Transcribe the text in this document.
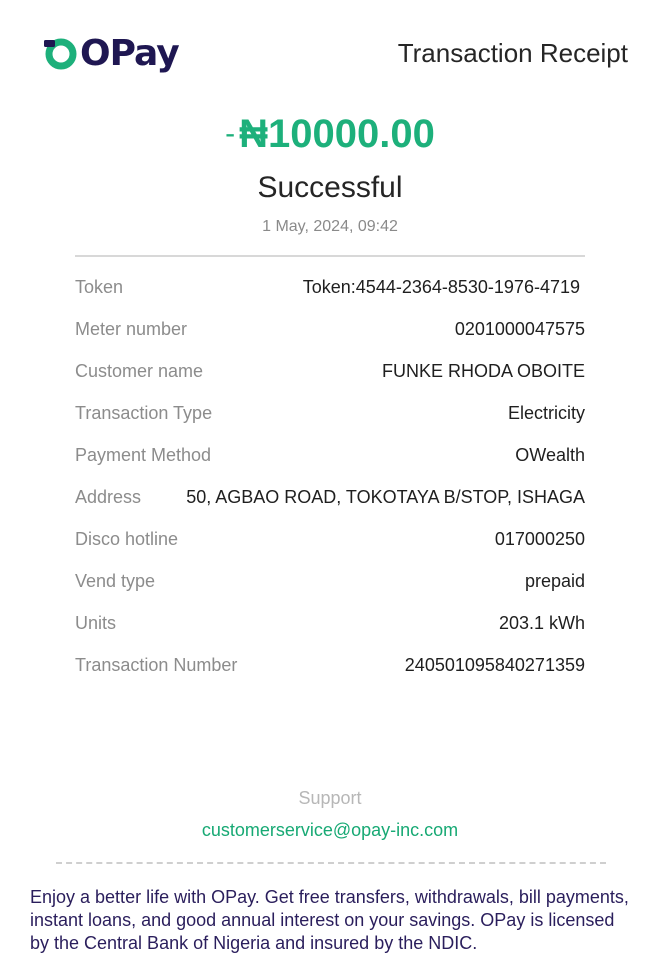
OPay	Transaction Receipt
- ₦10000.00
Successful
1 May, 2024, 09:42
Token	Token:4544-2364-8530-1976-4719
Meter number	0201000047575
Customer name	FUNKE RHODA OBOITE
Transaction Type	Electricity
Payment Method	OWealth
Address	50, AGBAO ROAD, TOKOTAYA B/STOP, ISHAGA
Disco hotline	017000250
Vend type	prepaid
Units	203.1 kWh
Transaction Number	240501095840271359
Support
customerservice@opay-inc.com
Enjoy a better life with OPay. Get free transfers, withdrawals, bill payments, instant loans, and good annual interest on your savings. OPay is licensed by the Central Bank of Nigeria and insured by the NDIC.
